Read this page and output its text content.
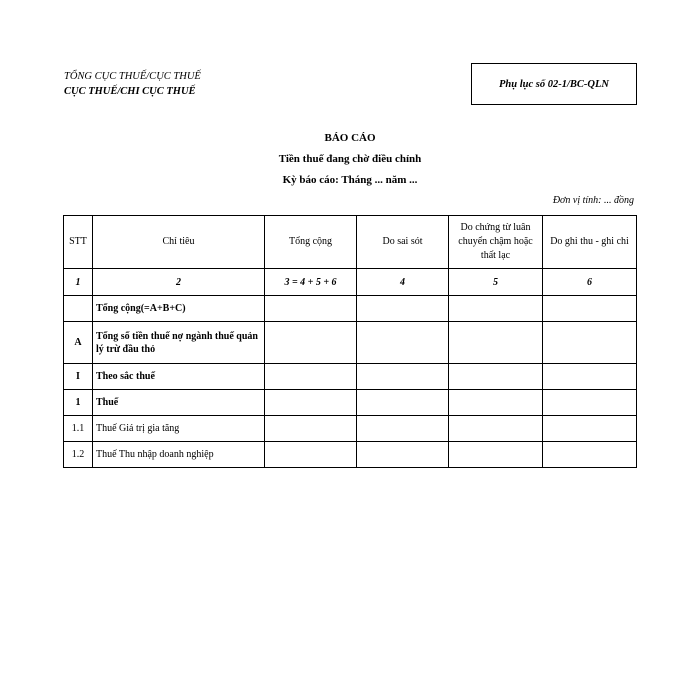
TỔNG CỤC THUẾ/CỤC THUẾ
CỤC THUẾ/CHI CỤC THUẾ
Phụ lục số 02-1/BC-QLN
BÁO CÁO
Tiền thuế đang chờ điều chỉnh
Kỳ báo cáo: Tháng ... năm ...
Đơn vị tính: ... đồng
STT	Chỉ tiêu	Tổng cộng	Do sai sót	Do chứng từ luân chuyển chậm hoặc thất lạc	Do ghi thu - ghi chi
1	2	3 = 4 + 5 + 6	4	5	6
	Tổng cộng(=A+B+C)				
A	Tổng số tiền thuế nợ ngành thuế quản lý trừ đầu thỏ				
I	Theo sắc thuế				
1	Thuế				
1.1	Thuế Giá trị gia tăng				
1.2	Thuế Thu nhập doanh nghiệp				
